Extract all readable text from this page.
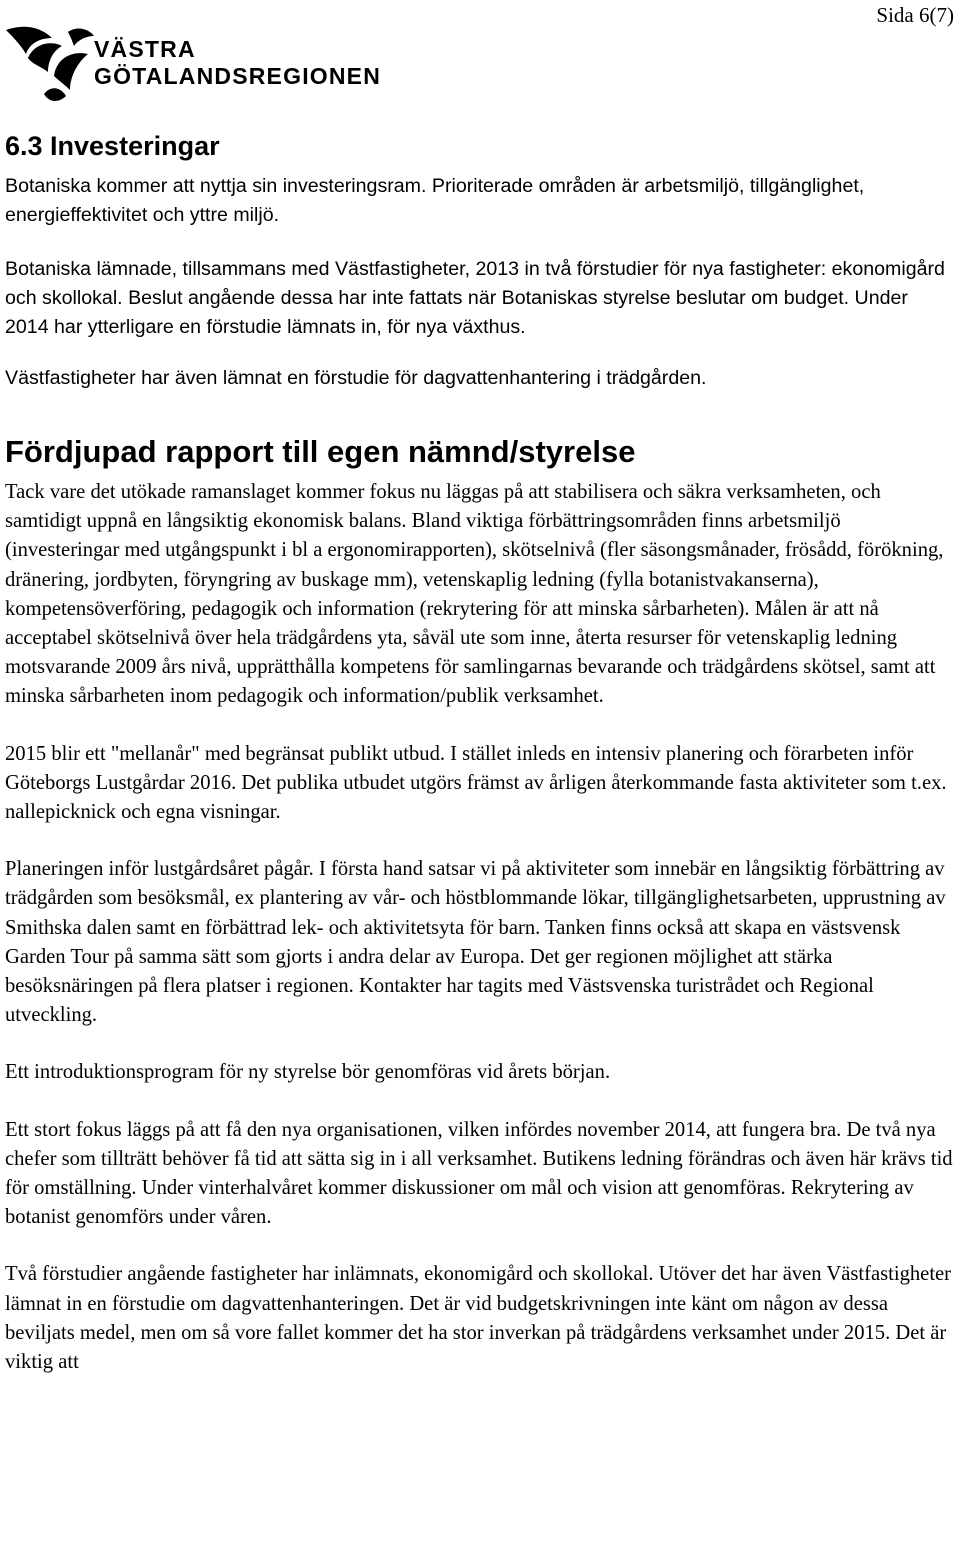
Sida 6(7)
VÄSTRA
GÖTALANDSREGIONEN
6.3 Investeringar

Botaniska kommer att nyttja sin investeringsram. Prioriterade områden är arbetsmiljö, tillgänglighet, energieffektivitet och yttre miljö.

Botaniska lämnade, tillsammans med Västfastigheter, 2013 in två förstudier för nya fastigheter: ekonomigård och skollokal. Beslut angående dessa har inte fattats när Botaniskas styrelse beslutar om budget. Under 2014 har ytterligare en förstudie lämnats in, för nya växthus.

Västfastigheter har även lämnat en förstudie för dagvattenhantering i trädgården.

Fördjupad rapport till egen nämnd/styrelse

Tack vare det utökade ramanslaget kommer fokus nu läggas på att stabilisera och säkra verksamheten, och samtidigt uppnå en långsiktig ekonomisk balans. Bland viktiga förbättringsområden finns arbetsmiljö (investeringar med utgångspunkt i bl a ergonomirapporten), skötselnivå (fler säsongsmånader, frösådd, förökning, dränering, jordbyten, föryngring av buskage mm), vetenskaplig ledning (fylla botanistvakanserna), kompetensöverföring, pedagogik och information (rekrytering för att minska sårbarheten). Målen är att nå acceptabel skötselnivå över hela trädgårdens yta, såväl ute som inne, återta resurser för vetenskaplig ledning motsvarande 2009 års nivå, upprätthålla kompetens för samlingarnas bevarande och trädgårdens skötsel, samt att minska sårbarheten inom pedagogik och information/publik verksamhet.

2015 blir ett "mellanår" med begränsat publikt utbud. I stället inleds en intensiv planering och förarbeten inför Göteborgs Lustgårdar 2016. Det publika utbudet utgörs främst av årligen återkommande fasta aktiviteter som t.ex. nallepicknick och egna visningar.

Planeringen inför lustgårdsåret pågår. I första hand satsar vi på aktiviteter som innebär en långsiktig förbättring av trädgården som besöksmål, ex plantering av vår- och höstblommande lökar, tillgänglighetsarbeten, upprustning av Smithska dalen samt en förbättrad lek- och aktivitetsyta för barn. Tanken finns också att skapa en västsvensk Garden Tour på samma sätt som gjorts i andra delar av Europa. Det ger regionen möjlighet att stärka besöksnäringen på flera platser i regionen. Kontakter har tagits med Västsvenska turistrådet och Regional utveckling.

Ett introduktionsprogram för ny styrelse bör genomföras vid årets början.

Ett stort fokus läggs på att få den nya organisationen, vilken infördes november 2014, att fungera bra. De två nya chefer som tillträtt behöver få tid att sätta sig in i all verksamhet. Butikens ledning förändras och även här krävs tid för omställning. Under vinterhalvåret kommer diskussioner om mål och vision att genomföras. Rekrytering av botanist genomförs under våren.

Två förstudier angående fastigheter har inlämnats, ekonomigård och skollokal. Utöver det har även Västfastigheter lämnat in en förstudie om dagvattenhanteringen. Det är vid budgetskrivningen inte känt om någon av dessa beviljats medel, men om så vore fallet kommer det ha stor inverkan på trädgårdens verksamhet under 2015. Det är viktig att
